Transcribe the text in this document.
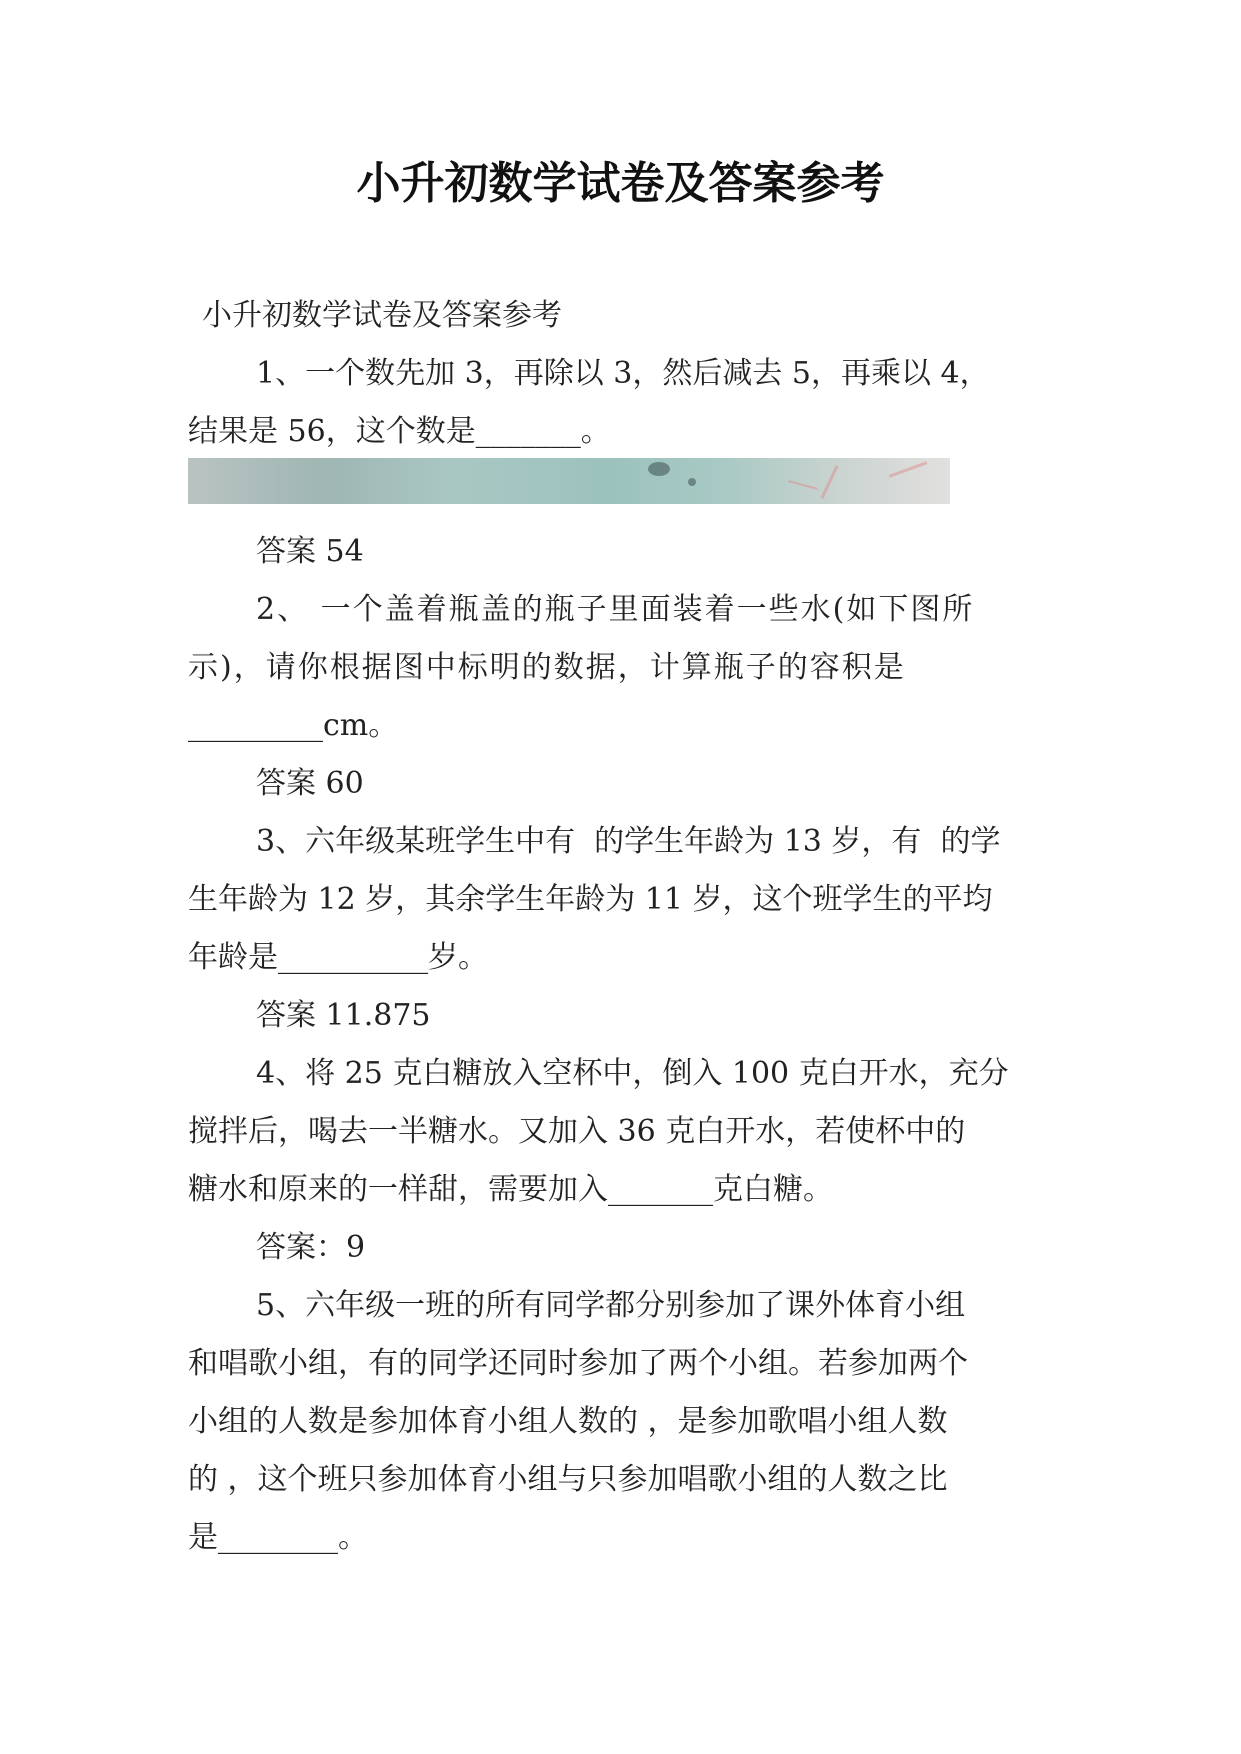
小升初数学试卷及答案参考
小升初数学试卷及答案参考
1、一个数先加 3，再除以 3，然后减去 5，再乘以 4，
结果是 56，这个数是_______。
答案 54
2、 一个盖着瓶盖的瓶子里面装着一些水(如下图所
示)，请你根据图中标明的数据，计算瓶子的容积是
_________cm。
答案 60
3、六年级某班学生中有  的学生年龄为 13 岁，有  的学
生年龄为 12 岁，其余学生年龄为 11 岁，这个班学生的平均
年龄是__________岁。
答案 11.875
4、将 25 克白糖放入空杯中，倒入 100 克白开水，充分
搅拌后，喝去一半糖水。又加入 36 克白开水，若使杯中的
糖水和原来的一样甜，需要加入_______克白糖。
答案：9
5、六年级一班的所有同学都分别参加了课外体育小组
和唱歌小组，有的同学还同时参加了两个小组。若参加两个
小组的人数是参加体育小组人数的 ，是参加歌唱小组人数
的 ，这个班只参加体育小组与只参加唱歌小组的人数之比
是________。
